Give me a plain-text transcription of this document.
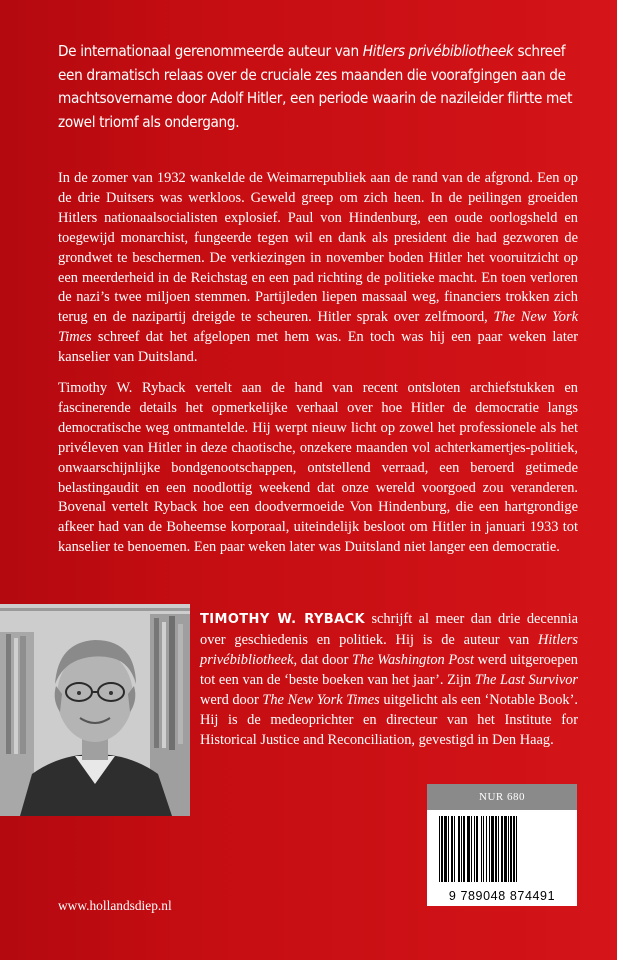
De internationaal gerenommeerde auteur van Hitlers privébibliotheek schreef een dramatisch relaas over de cruciale zes maanden die voorafgingen aan de machtsovername door Adolf Hitler, een periode waarin de nazileider flirtte met zowel triomf als ondergang.
In de zomer van 1932 wankelde de Weimarrepubliek aan de rand van de afgrond. Een op de drie Duitsers was werkloos. Geweld greep om zich heen. In de peilingen groeiden Hitlers nationaalsocialisten explosief. Paul von Hindenburg, een oude oorlogsheld en toegewijd monarchist, fungeerde tegen wil en dank als president die had gezworen de grondwet te beschermen. De verkiezingen in november boden Hitler het vooruitzicht op een meerderheid in de Reichstag en een pad richting de politieke macht. En toen verloren de nazi’s twee miljoen stemmen. Partijleden liepen massaal weg, financiers trokken zich terug en de nazipartij dreigde te scheuren. Hitler sprak over zelfmoord, The New York Times schreef dat het afgelopen met hem was. En toch was hij een paar weken later kanselier van Duitsland.
Timothy W. Ryback vertelt aan de hand van recent ontsloten archiefstukken en fascinerende details het opmerkelijke verhaal over hoe Hitler de democratie langs democratische weg ontmantelde. Hij werpt nieuw licht op zowel het professionele als het privéleven van Hitler in deze chaotische, onzekere maanden vol achterkamertjes-politiek, onwaarschijnlijke bondgenootschappen, ontstellend verraad, een beroerd getimede belastingaudit en een noodlottig weekend dat onze wereld voorgoed zou veranderen. Bovenal vertelt Ryback hoe een doodvermoeide Von Hindenburg, die een hartgrondige afkeer had van de Boheemse korporaal, uiteindelijk besloot om Hitler in januari 1933 tot kanselier te benoemen. Een paar weken later was Duitsland niet langer een democratie.
TIMOTHY W. RYBACK schrijft al meer dan drie decennia over geschiedenis en politiek. Hij is de auteur van Hitlers privébibliotheek, dat door The Washington Post werd uitgeroepen tot een van de ‘beste boeken van het jaar’. Zijn The Last Survivor werd door The New York Times uitgelicht als een ‘Notable Book’. Hij is de medeoprichter en directeur van het Institute for Historical Justice and Reconciliation, gevestigd in Den Haag.
NUR 680
9 789048 874491
www.hollandsdiep.nl
